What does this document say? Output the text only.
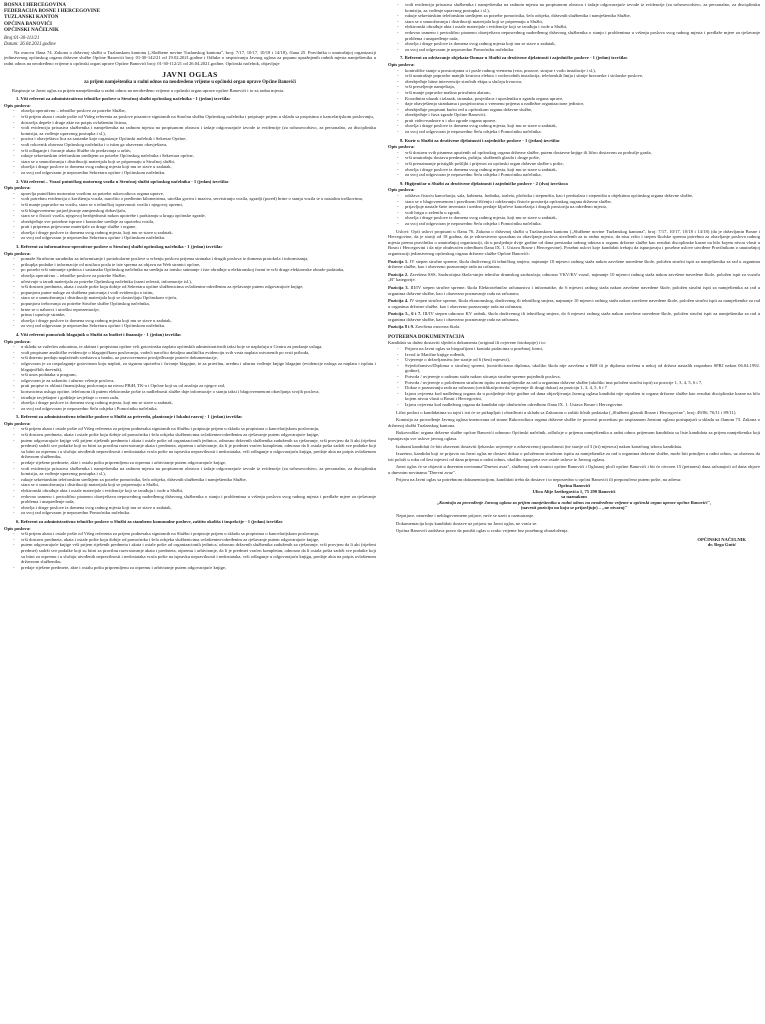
BOSNA I HERCEGOVINA
FEDERACIJA BOSNE I HERCEGOVINE
TUZLANSKI KANTON
OPĆINA BANOVIĆI
OPĆINSKI NAČELNIK
Broj:01-30-111/21
Datum: 26.04.2021.godine

Na osnovu člana 74. Zakona o državnoj službi u Tuzlanskom kantonu („Službene novine Tuzlanskog kantona", broj: 7/17, 10/17, 10/18 i 14/18), člana 25. Pravilnika o unutrašnjoj organizaciji jedinstvenog općinskog organa državne službe Općine Banovići broj: 01-30-142/21 od 19.02.2021.godine i Odluke o raspisivanju Javnog oglasa za popunu upražnjenih radnih mjesta namještenika u radni odnos na neodređeno vrijeme u općinski organ uprave Općine Banovići broj: 01-30-112/21 od 26.04.2021.godine, Općinski načelnik, objavljuje

JAVNI OGLAS
za prijem namještenika u radni odnos na neodređeno vrijeme u općinski organ uprave Općine Banovići

Raspisuje se Javni oglas za prijem namještenika u radni odnos na neodređeno vrijeme u općinski organ uprave općine Banovići i to za radna mjesta.

1. Viši referent za administrativno tehničke poslove u Stručnoj službi općinskog načelnika - 1 (jedan) izvršilac
Opis poslova:
- obavlja operativno – tehničke poslove za potrebe Službe,
- vrši prijem akata i ostale pošte od Videg referenta za poslove pisarnice signiranih na Stručnu službu Općinskog načelnika i potpisuje prijem u skladu sa propisima o kancelarijskom poslovanju,
- dostavlja depeše i druge akte na potpis ovlaštenim licima,
- vodi evidenciju prisustva službenika i namještenika na radnom mjestu na propisanom obrascu i izdaje odgovarajuće izvode iz evidencije (za računovodstvo, za personalno, za disciplinsku komisiju, za vođenje upravnog postupka i sl.),
- poziva i obavještava lica za sastanke koje organizuje Općinski načelnik i Sekretar Općine,
- vodi rokovnik obaveza Općinskog načelnika i o istim ga obavezno obavještava,
- vrši odlaganje i čuvanje akata Službe do predavanja u arhiv,
- rukuje sekretarskim telefonskim uređajem za potrebe Općinskog načelnika i Sekretara općine,
- stara se o umnožavanju i distribuciji materijala koji se pripremaju u Stručnoj službi,
- obavlja i druge poslove iz domena svog radnog mjesta koji mu se stave u zadatak,
- za svoj rad odgovaran je neposredno Sekretaru općine i Općinskom načelniku.
2. Viši referent – Vozač putničkog motornog vozila u Stručnoj službi općinskog načelnika - 1 (jedan) izvršilac
Opis poslova:
- upravlja putničkim motornim vozilom za potrebe rukovodioca organa uprave,
- vodi potrebnu evidenciju o korištenju vozila, naročito o pređenim kilometrima, utrošku goriva i maziva, servisiranju vozila, zgradji (pored) brine o stanju vozila te o nastalim troškovima,
- vrši manje popravke na vozilu, stara se o tehničkoj ispravnosti vozila i njegovoj opremi,
- vrši blagovremeno prijavljivanje zamjenskog dobavljača,
- stara se o čistoći vozila, njegovoj bezbjednosti nakon upotrebe i parkiranju u krugu općinske zgrade,
- obezbjeđuje sve potrebne isprave i kontrolne uređaje za upotrebu vozila,
- prati i priprema prijevozne materijale za druge službe i organe,
- obavlja i druge poslove iz domena svog radnog mjesta, koji mu se stave u zadatak,
- za svoj rad odgovaran je neposredno Sekretaru općine i Općinskom načelniku.
3. Referent za informativno-operativne poslove u Stručnoj službi općinskog načelnika - 1 (jedan) izvršilac
Opis poslova:
- pomaže Stručnom saradniku za informisanje i protokolarne poslove u vršenju poslova prijema stranaka i drugih poslova iz domena protokola i informisanja,
- prikuplja podatke i informacije od nosilaca posla te iste sprema za objavu na Web stranici općine,
- po potrebi vrši snimanje sjednica i sastanaka Općinskog načelnika na uređaju za tonsko snimanje i iste obrađuje u elektronskoj formi te vrši druge elektronske obrade podataka,
- obavlja operativno – tehničke poslove za potrebe Službe,
- učestvuje u izradi materijala za potrebe Općinskog načelnika (razni referati, informacije isl.),
- vrši dostavu predmeta, akata i ostale pošte koju dobije od Sekretara općine službenicima ovlaštenim-određenim za rješavanje putem odgovarajuće knjige,
- popunjava putne naloge za službena putovanja i vodi evidenciju o istim,
- stara se o umnožavanju i distribuciji materijala koji se dostavljaju Općinskom vijeću,
- popunjava trebovanja za potrebe Stručne službe Općinskog načelnika,
- brine se o nabavci i utrošku reprezentacije,
- prima i upućuje stranke,
- obavlja i druge poslove iz domena svog radnog mjesta koji mu se stave u zadatak,
- za svoj rad odgovaran je neposredno Sekretaru općine i Općinskom načelniku.
4. Viši referent pomoćnik blagajnik u Službi za budžet i finansije - 1 (jedan) izvršilac
Opis poslova:
- u skladu sa važećim zakonima, te aktima i propisima općine vrši gotovinsku naplatu općinskih administrativnih taksi koje se naplaćuju u Centru za pružanje usluga,
- vodi propisane analitičke evidencije o blagajničkom poslovanju, vodeći naročito detaljnu analitičku evidenciju svih vrsta naplata ostvarenih po vrsti prihoda,
- vrši dnevnu predaju naplaćenih sredstava u banku, uz pravovremeno prosljeđivanje prateće dokumentacije,
- odgovoran je za raspolaganje gotovinom koju naplati, za sigurnu upotrebu i čuvanje blagajne, te za pravilnu, urednu i ažurnu vođenje knjige blagajne (evidencije naloga za naplatu i isplatu i blagajničkih dnevnik),
- vrši unos podataka u program,
- odgovoran je za zakonito i ažurno vršenje poslova,
- prati propise iz oblasti finansijskog poslovanja na nivou FBiH, TK-a i Općine koji su od značaja za njegov rad,
- korisnicima usluga općine, telefonom ili putem elektronske pošte iz nadležnosti službe daje informacije o stanju taksi i blagovremenom obavljanja svojih poslova,
- izrađuje izvještajne i godišnje izvještaje o svom radu,
- obavlja i druge poslove iz domena svog radnog mjesta, koji mu se stave u zadatak,
- za svoj rad odgovoran je neposredno Šefu odsjeka i Pomoćniku načelnika.
5. Referent za administrativno tehničke poslove u Službi za privredu, planiranje i lokalni razvoj - 1 (jedan) izvršilac
Opis poslova:
- vrši prijem akata i ostale pošte od Višeg referenta za prijem podnesaka signiranih na Službu i potpisuje prijem u skladu sa propisima o kancelarijskom poslovanju,
- vrši dostavu predmeta, akata i ostale pošte koju dobije od pomoćnika i šefa odsjeka službenicima ovlaštenim-određenim za rješavanje putem odgovarajuće knjige,
- putem odgovarajuće knjige vrši prijem riješenih predmeta i akata i ostale pošte od organizacionih jedinica, odnosno državnih službenika zaduženih za rješavanje, vrši provjeru da li akt (riješeni predmet) sadrži sve podatke koji su bitni za pravilnu razvrstavanje akata i predmeta, otpremu i arhiviranje, da li je predmet vraćen kompletan, odnosno da li ostala pošta sadrži sve podatke koji su bitni za otpremu i u slučaju utvrđenih nepravilnosti i nedostataka vraća pošte na ispravku nepravilnosti i nedostataka, vrši odlaganje u odgovarajuću knjigu, predaje akta na potpis ovlaštenom državnom službeniku,
- predaje riješene predmete, akte i ostalu poštu pripremljenu za otpremu i arhiviranje putem odgovarajuće knjige,
- vodi evidenciju prisustva službenika i namještenika na radnom mjestu na propisanom obrascu i izdaje odgovarajuće izvode iz evidencije (za računovodstvo, za personalno, za disciplinsku komisiju, za vođenje upravnog postupka i sl.),
- rukuje sekretarskim telefonskim uređajem za potrebe pomoćnika, šefa odsjeka, državnih službenika i namještenika Službe,
- stara se o umnožavanju i distribuciji materijala koji se pripremaju u Službi,
- elektronski obrađuje akta i ostale materijale i evidencije koji se izrađuju i vode u Službi,
- redovno usmeno i periodično pismeno obavještava neposrednog nadređenog državnog službenika o stanju i problemima u vršenju poslova svog radnog mjesta i predlaže mjere za rješavanje problema i unapređenje rada,
- obavlja i druge poslove iz domena svog radnog mjesta koji mu se stave u zadatak,
- za svoj rad odgovaran je neposredno Pomoćniku načelnika.
6. Referent za administrativno tehničke poslove u Službi za stambeno komunalne poslove, zaštitu okoliša i inspekcije - 1 (jedan) izvršilac
Opis poslova:
- vrši prijem akata i ostale pošte od Višeg referenta za prijem podnesaka signiranih na Službu i potpisuje prijem u skladu sa propisima o kancelarijskom poslovanju,
- vrši dostavu predmeta, akata i ostale pošte koju dobije od pomoćnika i šefa odsjeka službenicima ovlaštenim-određenim za rješavanje putem odgovarajuće knjige,
- putem odgovarajuće knjige vrši prijem riješenih predmeta i akata i ostale pošte od organizacionih jedinica, odnosno državnih službenika zaduženih za rješavanje, vrši provjeru da li akt (riješeni predmet) sadrži sve podatke koji su bitni za pravilnu razvrstavanje akata i predmeta, otpremu i arhiviranje, da li je predmet vraćen kompletan, odnosno da li ostala pošta sadrži sve podatke koji su bitni za otpremu i u slučaju utvrđenih nepravilnosti i nedostataka vraća pošte na ispravku nepravilnosti i nedostataka, vrši odlaganje u odgovarajuću knjigu, predaje akta na potpis ovlaštenom državnom službeniku,
- predaje riješene predmete, akte i ostalu poštu pripremljenu za otpremu i arhiviranje putem odgovarajuće knjige,
- vodi evidenciju prisustva službenika i namještenika na radnom mjestu na propisanom obrascu i izdaje odgovarajuće izvode iz evidencije (za računovodstvo, za personalno, za disciplinsku komisiju, za vođenje upravnog postupka i sl.),
- rukuje sekretarskim telefonskim uređajem za potrebe pomoćnika, šefa odsjeka, državnih službenika i namještenika Službe,
- stara se o umnožavanju i distribuciji materijala koji se pripremaju u Službi,
- elektronski obrađuje akta i ostale materijale i evidencije koji se izrađuju i vode u Službi,
- redovno usmeno i periodično pismeno obavještava neposrednog nadređenog državnog službenika o stanju i problemima u vršenju poslova svog radnog mjesta i predlaže mjere za rješavanje problema i unapređenje rada,
- obavlja i druge poslove iz domena svog radnog mjesta koji mu se stave u zadatak,
- za svoj rad odgovaran je neposredno Pomoćniku načelnika.
7. Referent za održavanje objekata-Domar u Službi za društvene djelatnosti i zajedničke poslove - 1 (jedan) izvršilac
Opis poslova:
- kontrolište stanje u prostorijama u i posle radnog vremena (vrta, prozore, sirujue i vodo instalacije i sl.),
- vrši unutrašnje popravke manjih kvarova elektro i vodovodnih instalacija, telefonskih linija i sitnije bravarske i stolarske poslove,
- obezbjeđuje hitne intervencije stručnih ekipa u slučaju kvarova,
- vrši preseljenje namještaja,
- vrši manje popravke mašina priručnim alatom,
- Koordinira ulazak i izlazak, stranaka, posjetilaca i uposlenika u zgradu organa uprave,
- daje obavještenja strankama i posjetiocima o vremenu prijema u nadležne organizacione jedinice,
- obezbjeđuje propisani kućni red u općinskom organu državne službe,
- obezbjeđuje i čuva zgrade Općine Banovići,
- prati video-nadzore u i oko zgrade organa uprave,
- obavlja i druge poslove iz domena svog radnog mjesta, koji mu se stave u zadatak,
- za svoj rad odgovoran je neposredno Šefu odsjeka i Pomoćniku načelnika.
8. Kurir u Službi za društvene djelatnosti i zajedničke poslove - 1 (jedan) izvršilac
Opis poslova:
- vrši dostavu svih pismena upućenih od općinskog organa državne službe, putem dostavne knjige ili lično dostavom za područje grada,
- vrši unutrašnju dostavu predmeta, poštiju, službenih glasila i druge pošte,
- vrši preuzimanje pristiglih pošiljki i prijenos za općinski organ državne službe s pošte,
- obavlja i druge poslove iz domena svog radnog mjesta, koji mu se stave u zadatak,
- za svoj rad odgovoran je neposredno Šefu odsjeka i Pomoćniku načelnika.
9. Higijeničar u Službi za društvene djelatnosti i zajedničke poslove - 2 (dva) izvršioca
Opis poslova:
- održava čistoću kancelarija, sala, kabineta, hodnika, toaleta, pločnika i stepeništa, kao i predsalara i stepeništa u objektima općinskog organa državne službe,
- stara se o blagovremenom i pravilnom čišćenju i održavanju čistoće prostorija općinskog organa državne službe,
- prijavljuje nastale štete inventara i uredno predaje ključeve kancelarija i drugih prostorija na određeno mjesto,
- vodi brigu o zelenilu u zgradi,
- obavlja i druge poslove iz domena svog radnog mjesta, koji mu se stave u zadatak,
- za svoj rad odgovoran je neposredno Šefu odsjeka i Pomoćniku načelnika.

Uslovi: Opći uslovi propisani u članu 76. Zakona o državnoj službi u Tuzlanskom kantonu („Službene novine Tuzlanskog kantona", broj: 7/17, 10/17, 10/18 i 14/18) (da je državljanin Bosne i Hercegovine, da je stariji od 18 godina, da je zdravstveno sposoban za obavljanje poslova utvrđenih za to radno mjesto, da nisu vršio i stepen školske sprema potrebnu za obavljanje poslova radnog mjesta prema pravilniku o unutrašnjoj organizaciji, da u posljednje dvije godine od dana prestanka radnog odnosa u organu državne službe kao rezultat disciplinske kazne na bilo kojem nivou vlasti u Bosni i Hercegovini i da nije obuhvaćen odredbom člana IX. 1. Ustava Bosne i Hercegovine). Posebni uslovi koje kandidati trebaju da ispunjavaju i posebne uslove utvrđene Pravilnikom o unutrašnjoj organizaciji jedinstvenog općinskog organa državne službe Općine Banovići:

Pozicija 1. IV stepen stručne spreme, škola društvenog ili tehničkog smjera, najmanje 10 mjeseci radnog staža nakon završene navedene škole, položen stručni ispit za namještenika za rad u organima državne službe, kao i obavezno poznavanje rada na računaru;

Pozicija 2. Završena SSS, Saobraćajna škola-smjer tehničar drumskog saobraćaja, odnosno VKV/KV vozač, najmanje 10 mjeseci radnog staža nakon završene navedene škole, položen ispit za vozača „B" kategorije.

Pozicija 3. III/IV stepen stručne spreme, škola Elektrotehničar računarstva i informatike, do 6 mjeseci radnog staža nakon završene navedene škole, položen stručni ispit za namještenika za rad u organima državne službe, kao i obavezno poznavanje rada na računaru;

Pozicija 4. IV stepen stručne spreme, škola ekonomskog, društvenog ili tehničkog smjera, najmanje 10 mjeseci radnog staža nakon završene navedene škole, položen stručni ispit za namještenike za rad u organima državne službe, kao i obavezno poznavanje rada na računaru;

Pozicija 5., 6 i 7. III/IV stepen odnosno KV radnik, škola društvenog ili tehničkog smjera, do 6 mjeseci radnog staža nakon završene navedene škole, položen stručni ispit za namještenika za rad u organima državne službe, kao i obavezno poznavanje rada na računaru,

Pozicija 8 i 9. Završena osnovna škola.

POTREBNA DOKUMENTACIJA

Kandidati su dužni dostaviti sljedeća dokumenta (original ili ovjerene fotokopije) i to:

- Prijava na Javni oglas sa biografijom i kontakt podacima u posebnoj formi,
- Izvod iz Matične knjige rođenih,
- Uvjerenje o državljanstvu (ne starije od 6 (šest) mjeseci),
- Svjedočanstvo/Diploma o stručnoj spremi, (nostrificirana diploma, ukoliko škola nije završena u BiH ili je diploma stečena u nekoj od država nastalih raspadom SFRJ nakon 06.04.1992. godine),
- Potvrda / uvjerenje o radnom stažu nakon sticanja stručne spreme pojedinih poslova,
- Potvrda / uvjerenje o položenom stručnom ispitu za namještenike za rad u organima državne službe (ukoliko ima položen stručni ispit) za pozicije 1, 3, 4, 5, 6 i 7,
- Dokaz o poznavanju rada na računaru (certifikat/potvrda/ uvjerenje ili drugi dokaz) za poziciju 1, 3, 4, 5, 6 i 7
- Izjava ovjerena kod nadležnog organa da u posljednje dvije godine od dana objavljivanja Javnog oglasa kandidat nije otpušten iz organa državne službe kao rezultat disciplinske kazne na bilo kojem nivou vlasti u Bosni i Hercegovini,
- Izjava ovjerena kod nadležnog organa da kandidat nije obuhvaćen odredbom člana IX. 1. Ustava Bosne i Hercegovine.

Lični podaci o kandidatima su tajni i isti će se prikupljati i obrađivati u skladu sa Zakonom o zaštiti ličnih podataka („Službeni glasnik Bosne i Hercegovine", broj: 49/06, 76/11 i 89/11).

Komisija za provođenje Javnog oglasa imenovana od strane Rukovodioca organa državne službe će provesti proceduru po raspisanom Javnom oglasu postupajući u skladu sa članom 73. Zakona o državnoj službi Tuzlanskog kantona.

Rukovodilac organa državne službe općine Banovići odnosno Općinski načelnik, odlučuje o prijemu namještenika u radni odnos prijemom kandidata sa liste kandidata za prijem namještenika koji ispunjavaju sve uslove javnog oglasa.

Izabrani kandidati će biti obavezni dostaviti ljekarsko uvjerenje o zdravstvenoj sposobnosti (ne starije od 3 (tri) mjeseca) nakon konačnog izbora kandidata.

Izuzetno, kandidat koji se prijavio na Javni oglas ne dostavi dokaz o položenom stručnom ispitu za namještenike za rad u organima državne službe, može biti primljen u radni odnos, uz obavezu da isti položi u roku od šest mjeseci od dana prijema u radni odnos, ukoliko ispunjava sve ostale uslove iz Javnog oglasa.

Javni oglas će se objaviti u dnevnim novinama"Dnevni avaz", službenoj web stranici općine Banovići i Oglasnoj ploči općine Banovići i bit će otvoren 15 (petnaest) dana računajući od dana objave u dnevnim novinama "Dnevni avaz".

Prijava na Javni oglas sa potrebnom dokumentacijom, kandidati treba da dostave i to neposredno u općini Banovići ili preporučeno putem pošte, na adresu:

Općina Banovići
Ulica Alije Izetbegovića 1, 75 290 Banovići
sa naznakom
„Komisija za provođenje Javnog oglasa za prijem namještenika u radni odnos na neodređeno vrijeme u općinski organ uprave općine Banovići",
(navesti poziciju na koju se prijavljuje) – „ne otvaraj"

Neprijave, neuredne i neblagovremene prijave, neće se uzeti u razmatranje.

Dokumentacija koju kandidati dostave uz prijavu na Javni oglas, ne vraća se.

Općina Banovići zadržava pravo da poništi oglas u svako vrijeme bez posebnog obrazloženja.

OPĆINSKI NAČELNIK
dr. Bego Gutić
